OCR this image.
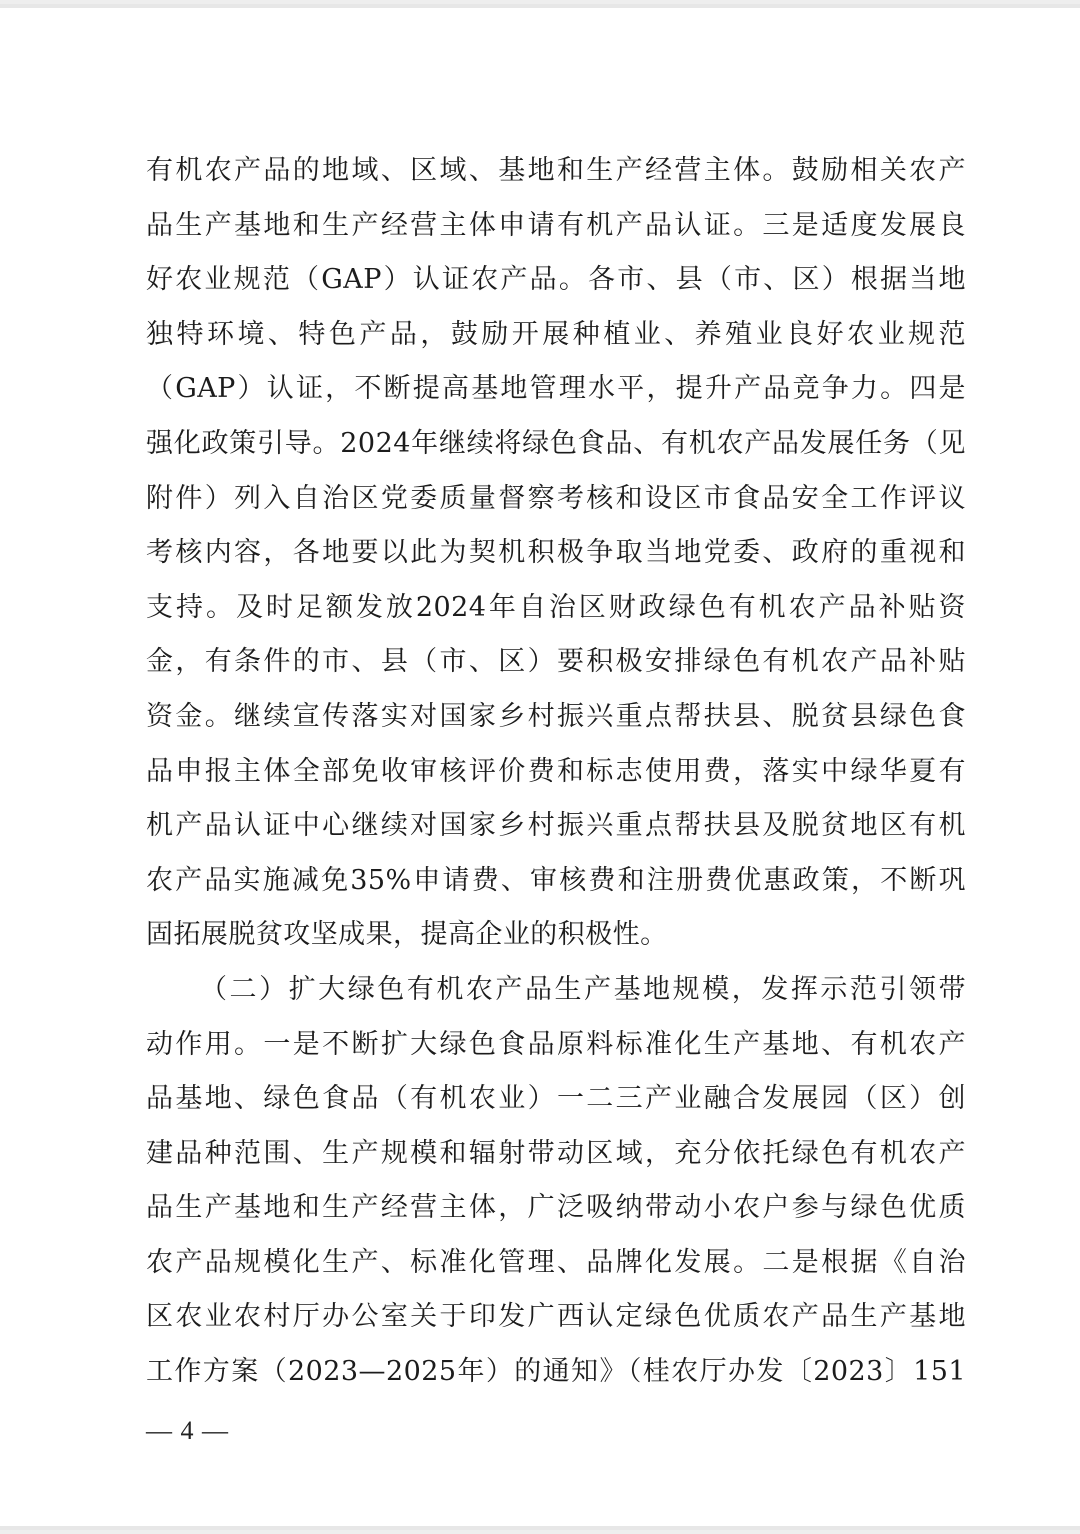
有机农产品的地域、区域、基地和生产经营主体。鼓励相关农产
品生产基地和生产经营主体申请有机产品认证。三是适度发展良
好农业规范（GAP）认证农产品。各市、县（市、区）根据当地
独特环境、特色产品，鼓励开展种植业、养殖业良好农业规范
（GAP）认证，不断提高基地管理水平，提升产品竞争力。四是
强化政策引导。2024年继续将绿色食品、有机农产品发展任务（见
附件）列入自治区党委质量督察考核和设区市食品安全工作评议
考核内容，各地要以此为契机积极争取当地党委、政府的重视和
支持。及时足额发放2024年自治区财政绿色有机农产品补贴资
金，有条件的市、县（市、区）要积极安排绿色有机农产品补贴
资金。继续宣传落实对国家乡村振兴重点帮扶县、脱贫县绿色食
品申报主体全部免收审核评价费和标志使用费，落实中绿华夏有
机产品认证中心继续对国家乡村振兴重点帮扶县及脱贫地区有机
农产品实施减免35%申请费、审核费和注册费优惠政策，不断巩
固拓展脱贫攻坚成果，提高企业的积极性。
（二）扩大绿色有机农产品生产基地规模，发挥示范引领带
动作用。一是不断扩大绿色食品原料标准化生产基地、有机农产
品基地、绿色食品（有机农业）一二三产业融合发展园（区）创
建品种范围、生产规模和辐射带动区域，充分依托绿色有机农产
品生产基地和生产经营主体，广泛吸纳带动小农户参与绿色优质
农产品规模化生产、标准化管理、品牌化发展。二是根据《自治
区农业农村厅办公室关于印发广西认定绿色优质农产品生产基地
工作方案（2023—2025年）的通知》（桂农厅办发〔2023〕151
— 4 —
